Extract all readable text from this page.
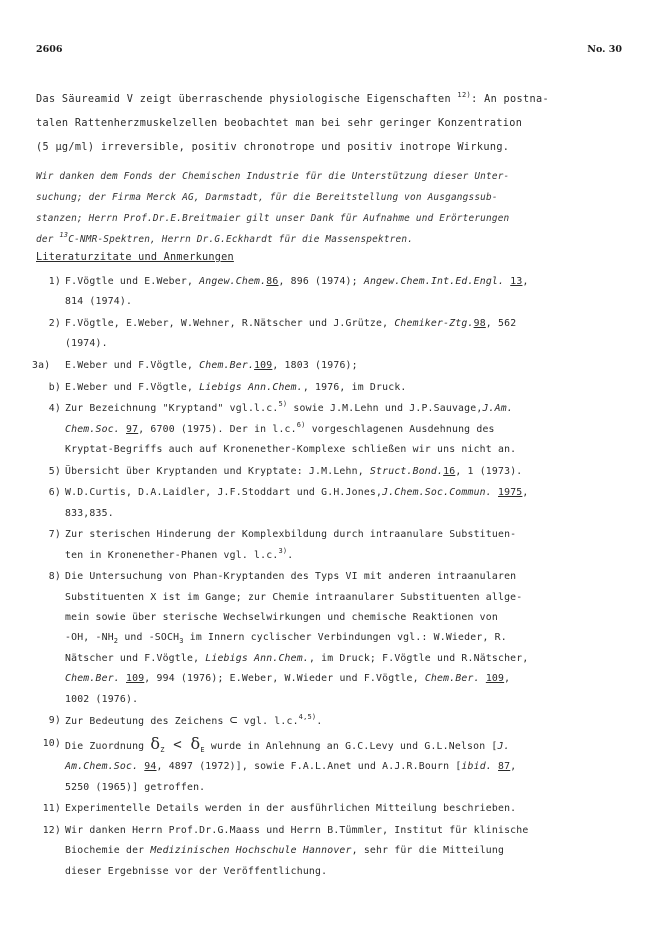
2606	No. 30
Das Säureamid V zeigt überraschende physiologische Eigenschaften $^{12)}$: An postna-
talen Rattenherzmuskelzellen beobachtet man bei sehr geringer Konzentration
(5 µg/ml) irreversible, positiv chronotrope und positiv inotrope Wirkung.
Wir danken dem Fonds der Chemischen Industrie für die Unterstützung dieser Unter-
suchung; der Firma Merck AG, Darmstadt, für die Bereitstellung von Ausgangssub-
stanzen; Herrn Prof.Dr.E.Breitmaier gilt unser Dank für Aufnahme und Erörterungen
der $^{13}$C-NMR-Spektren, Herrn Dr.G.Eckhardt für die Massenspektren.
Literaturzitate und Anmerkungen
1) F.Vögtle und E.Weber, Angew.Chem.86, 896 (1974); Angew.Chem.Int.Ed.Engl. 13,
814 (1974).
2) F.Vögtle, E.Weber, W.Wehner, R.Nätscher und J.Grütze, Chemiker-Ztg.98, 562
(1974).
3a)	E.Weber und F.Vögtle, Chem.Ber.109, 1803 (1976);
b) E.Weber und F.Vögtle, Liebigs Ann.Chem., 1976, im Druck.
4) Zur Bezeichnung "Kryptand" vgl.l.c.$^{5)}$ sowie J.M.Lehn und J.P.Sauvage,J.Am.
Chem.Soc. 97, 6700 (1975). Der in l.c.$^{6)}$ vorgeschlagenen Ausdehnung des
Kryptat-Begriffs auch auf Kronenether-Komplexe schließen wir uns nicht an.
5) Übersicht über Kryptanden und Kryptate: J.M.Lehn, Struct.Bond.16, 1 (1973).
6) W.D.Curtis, D.A.Laidler, J.F.Stoddart und G.H.Jones,J.Chem.Soc.Commun. 1975,
833,835.
7) Zur sterischen Hinderung der Komplexbildung durch intraanulare Substituen-
ten in Kronenether-Phanen vgl. l.c.$^{3)}$.
8) Die Untersuchung von Phan-Kryptanden des Typs VI mit anderen intraanularen
Substituenten X ist im Gange; zur Chemie intraanularer Substituenten allge-
mein sowie über sterische Wechselwirkungen und chemische Reaktionen von
-OH, $-NH_2$ und $-SOCH_3$ im Innern cyclischer Verbindungen vgl.: W.Wieder, R.
Nätscher und F.Vögtle, Liebigs Ann.Chem., im Druck; F.Vögtle und R.Nätscher,
Chem.Ber. 109, 994 (1976); E.Weber, W.Wieder und F.Vögtle, Chem.Ber. 109,
1002 (1976).
9) Zur Bedeutung des Zeichens ⊂ vgl. l.c.$^{4,5)}$.
10) Die Zuordnung $\delta_Z < \delta_E$ wurde in Anlehnung an G.C.Levy und G.L.Nelson [J.
Am.Chem.Soc. 94, 4897 (1972)], sowie F.A.L.Anet und A.J.R.Bourn [ibid. 87,
5250 (1965)] getroffen.
11) Experimentelle Details werden in der ausführlichen Mitteilung beschrieben.
12) Wir danken Herrn Prof.Dr.G.Maass und Herrn B.Tümmler, Institut für klinische
Biochemie der Medizinischen Hochschule Hannover, sehr für die Mitteilung
dieser Ergebnisse vor der Veröffentlichung.
